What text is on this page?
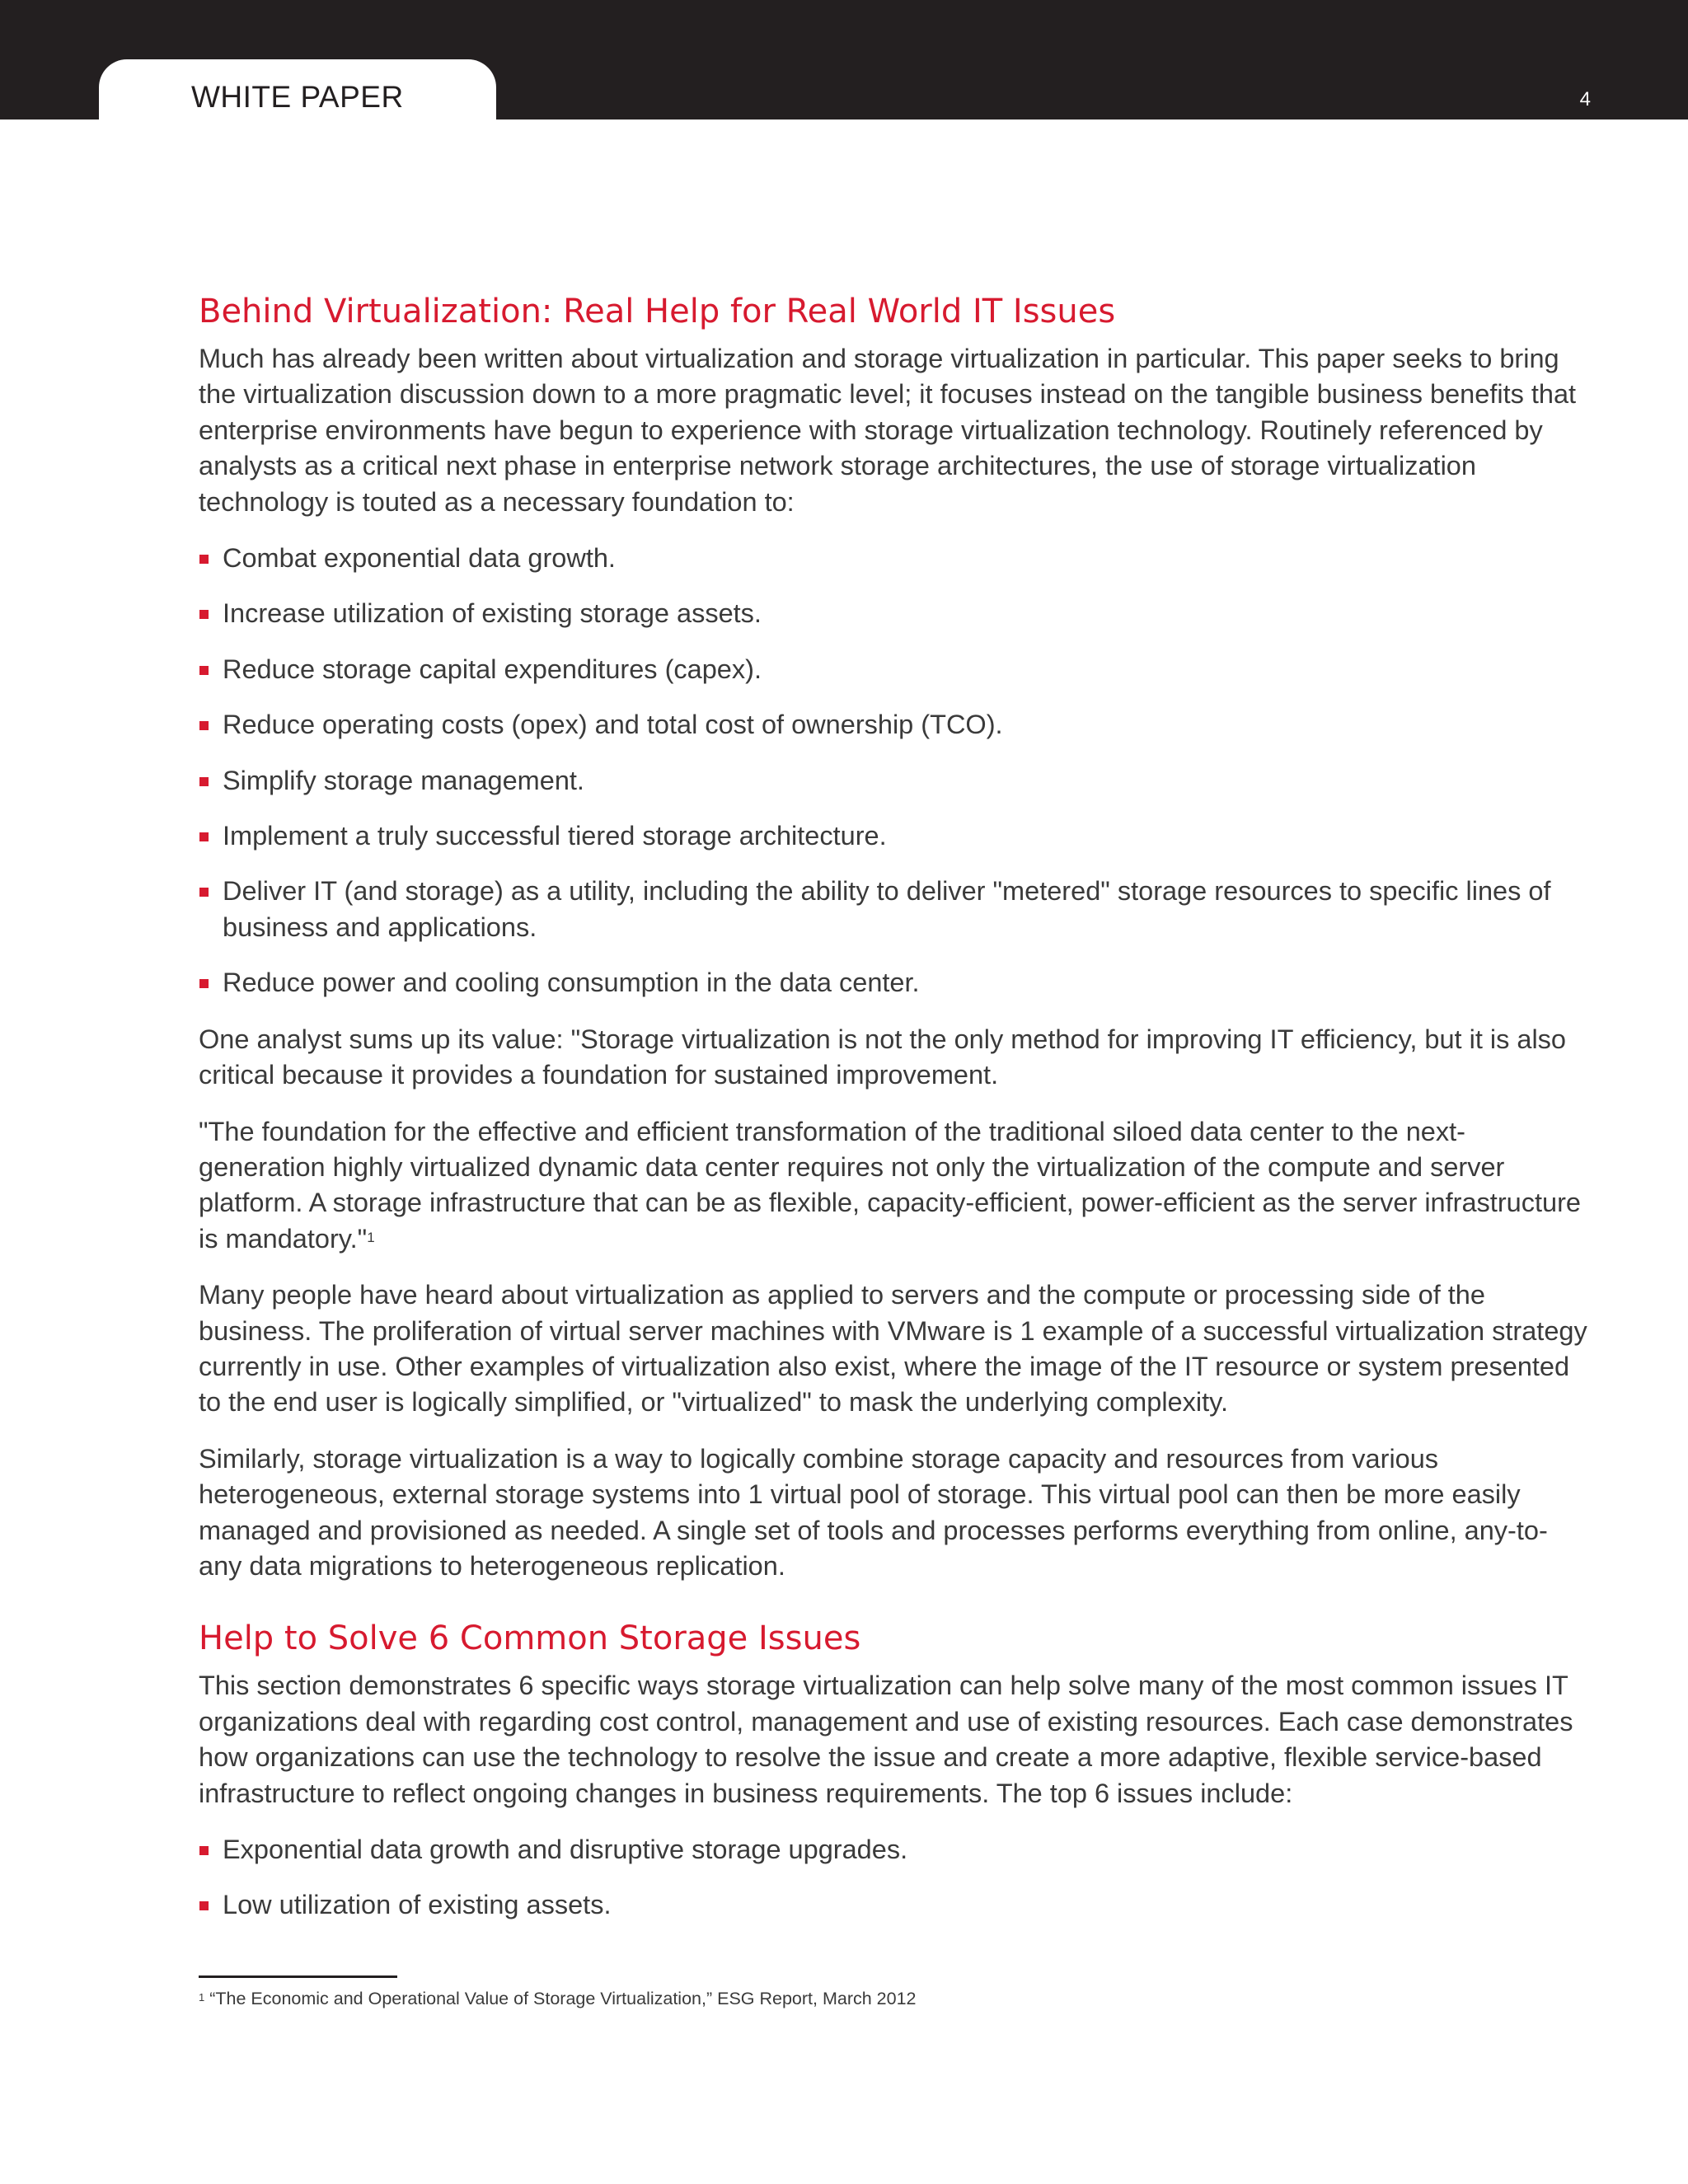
WHITE PAPER	4
Behind Virtualization: Real Help for Real World IT Issues

Much has already been written about virtualization and storage virtualization in particular. This paper seeks to bring the virtualization discussion down to a more pragmatic level; it focuses instead on the tangible business benefits that enterprise environments have begun to experience with storage virtualization technology. Routinely referenced by analysts as a critical next phase in enterprise network storage architectures, the use of storage virtualization technology is touted as a necessary foundation to:

Combat exponential data growth.
Increase utilization of existing storage assets.
Reduce storage capital expenditures (capex).
Reduce operating costs (opex) and total cost of ownership (TCO).
Simplify storage management.
Implement a truly successful tiered storage architecture.
Deliver IT (and storage) as a utility, including the ability to deliver "metered" storage resources to specific lines of business and applications.
Reduce power and cooling consumption in the data center.

One analyst sums up its value: "Storage virtualization is not the only method for improving IT efficiency, but it is also critical because it provides a foundation for sustained improvement.

"The foundation for the effective and efficient transformation of the traditional siloed data center to the next-generation highly virtualized dynamic data center requires not only the virtualization of the compute and server platform. A storage infrastructure that can be as flexible, capacity-efficient, power-efficient as the server infrastructure is mandatory."$^1$

Many people have heard about virtualization as applied to servers and the compute or processing side of the business. The proliferation of virtual server machines with VMware is 1 example of a successful virtualization strategy currently in use. Other examples of virtualization also exist, where the image of the IT resource or system presented to the end user is logically simplified, or "virtualized" to mask the underlying complexity.

Similarly, storage virtualization is a way to logically combine storage capacity and resources from various heterogeneous, external storage systems into 1 virtual pool of storage. This virtual pool can then be more easily managed and provisioned as needed. A single set of tools and processes performs everything from online, any-to-any data migrations to heterogeneous replication.

Help to Solve 6 Common Storage Issues

This section demonstrates 6 specific ways storage virtualization can help solve many of the most common issues IT organizations deal with regarding cost control, management and use of existing resources. Each case demonstrates how organizations can use the technology to resolve the issue and create a more adaptive, flexible service-based infrastructure to reflect ongoing changes in business requirements. The top 6 issues include:

Exponential data growth and disruptive storage upgrades.
Low utilization of existing assets.
$^1$ “The Economic and Operational Value of Storage Virtualization,” ESG Report, March 2012
